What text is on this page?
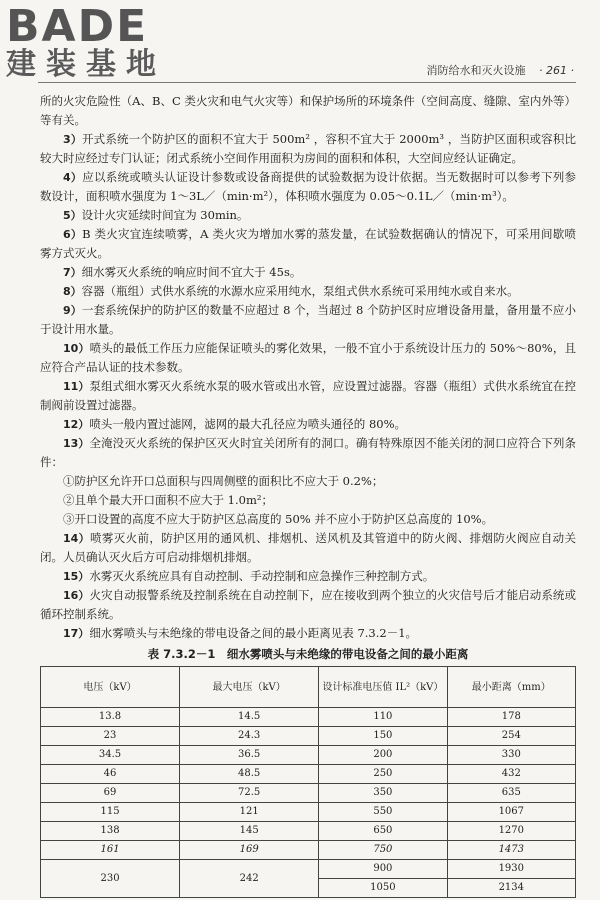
BADE
建装基地	消防给水和灭火设施 · 261 ·

所的火灾危险性（A、B、C 类火灾和电气火灾等）和保护场所的环境条件（空间高度、缝隙、室内外等）等有关。

3）开式系统一个防护区的面积不宜大于 500m² ，容积不宜大于 2000m³ ，当防护区面积或容积比较大时应经过专门认证；闭式系统小空间作用面积为房间的面积和体积，大空间应经认证确定。

4）应以系统或喷头认证设计参数或设备商提供的试验数据为设计依据。当无数据时可以参考下列参数设计，面积喷水强度为 1～3L／（min·m²），体积喷水强度为 0.05～0.1L／（min·m³）。

5）设计火灾延续时间宜为 30min。

6）B 类火灾宜连续喷雾，A 类火灾为增加水雾的蒸发量，在试验数据确认的情况下，可采用间歇喷雾方式灭火。

7）细水雾灭火系统的响应时间不宜大于 45s。

8）容器（瓶组）式供水系统的水源水应采用纯水，泵组式供水系统可采用纯水或自来水。

9）一套系统保护的防护区的数量不应超过 8 个，当超过 8 个防护区时应增设备用量，备用量不应小于设计用水量。

10）喷头的最低工作压力应能保证喷头的雾化效果，一般不宜小于系统设计压力的 50%～80%，且应符合产品认证的技术参数。

11）泵组式细水雾灭火系统水泵的吸水管或出水管，应设置过滤器。容器（瓶组）式供水系统宜在控制阀前设置过滤器。

12）喷头一般内置过滤网，滤网的最大孔径应为喷头通径的 80%。

13）全淹没灭火系统的保护区灭火时宜关闭所有的洞口。确有特殊原因不能关闭的洞口应符合下列条件：

①防护区允许开口总面积与四周侧壁的面积比不应大于 0.2%；

②且单个最大开口面积不应大于 1.0m²；

③开口设置的高度不应大于防护区总高度的 50% 并不应小于防护区总高度的 10%。

14）喷雾灭火前，防护区用的通风机、排烟机、送风机及其管道中的防火阀、排烟防火阀应自动关闭。人员确认灭火后方可启动排烟机排烟。

15）水雾灭火系统应具有自动控制、手动控制和应急操作三种控制方式。

16）火灾自动报警系统及控制系统在自动控制下，应在接收到两个独立的火灾信号后才能启动系统或循环控制系统。

17）细水雾喷头与未绝缘的带电设备之间的最小距离见表 7.3.2－1。

表 7.3.2－1　细水雾喷头与未绝缘的带电设备之间的最小距离
电压（kV）	最大电压（kV）	设计标准电压值 IL²（kV）	最小距离（mm）
13.8	14.5	110	178
23	24.3	150	254
34.5	36.5	200	330
46	48.5	250	432
69	72.5	350	635
115	121	550	1067
138	145	650	1270
161	169	750	1473
230	242	900	1930
		1050	2134
